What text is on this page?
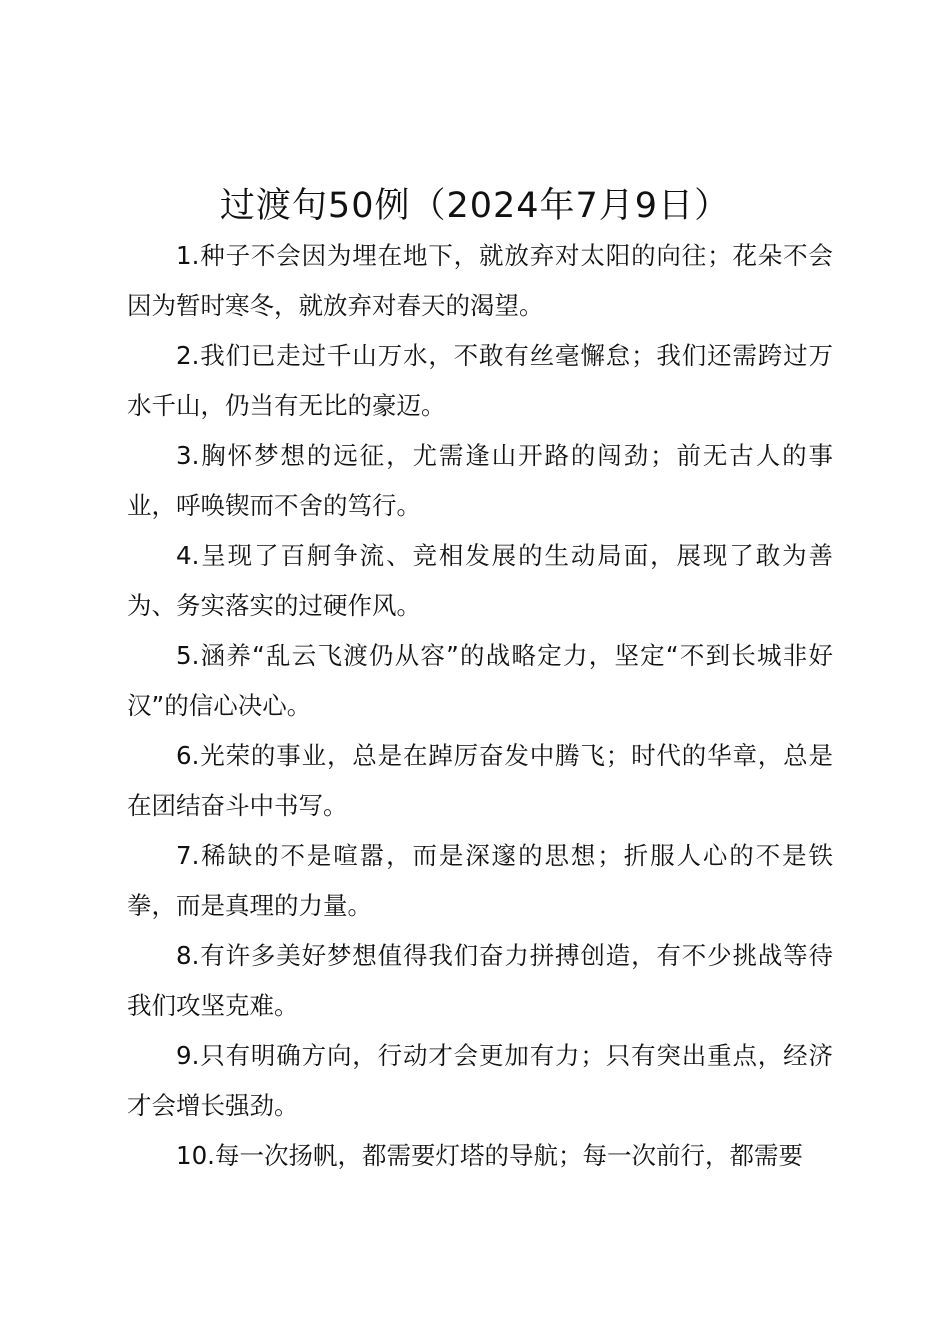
过渡句50例（2024年7月9日）

1.种子不会因为埋在地下，就放弃对太阳的向往；花朵不会因为暂时寒冬，就放弃对春天的渴望。

2.我们已走过千山万水，不敢有丝毫懈怠；我们还需跨过万水千山，仍当有无比的豪迈。

3.胸怀梦想的远征，尤需逢山开路的闯劲；前无古人的事业，呼唤锲而不舍的笃行。

4.呈现了百舸争流、竞相发展的生动局面，展现了敢为善为、务实落实的过硬作风。

5.涵养“乱云飞渡仍从容”的战略定力，坚定“不到长城非好汉”的信心决心。

6.光荣的事业，总是在踔厉奋发中腾飞；时代的华章，总是在团结奋斗中书写。

7.稀缺的不是喧嚣，而是深邃的思想；折服人心的不是铁拳，而是真理的力量。

8.有许多美好梦想值得我们奋力拼搏创造，有不少挑战等待我们攻坚克难。

9.只有明确方向，行动才会更加有力；只有突出重点，经济才会增长强劲。

10.每一次扬帆，都需要灯塔的导航；每一次前行，都需要
